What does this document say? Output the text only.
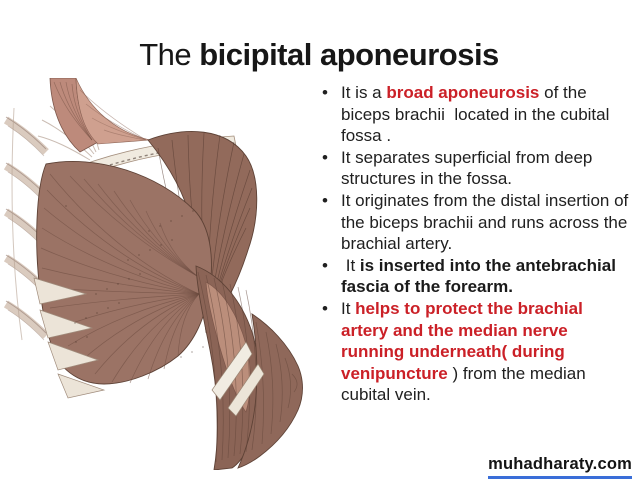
The bicipital aponeurosis
• It is a broad aponeurosis of the biceps brachii  located in the cubital fossa .
• It separates superficial from deep structures in the fossa.
• It originates from the distal insertion of the biceps brachii and runs across the brachial artery.
•  It is inserted into the antebrachial fascia of the forearm.
• It helps to protect the brachial artery and the median nerve running underneath( during venipuncture ) from the median cubital vein.
muhadharaty.com
